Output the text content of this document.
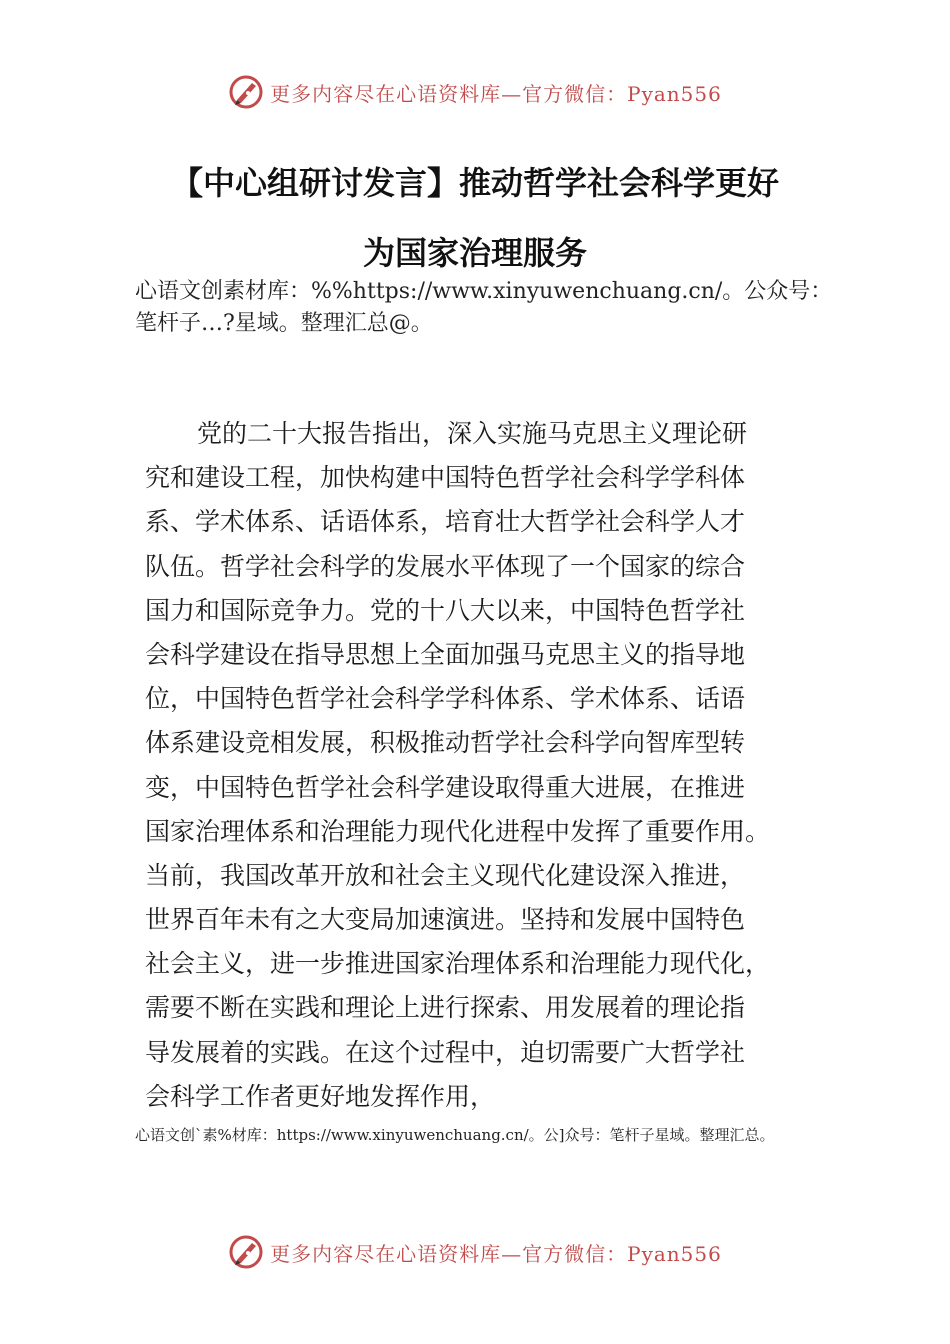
更多内容尽在心语资料库—官方微信：Pyan556
【中心组研讨发言】推动哲学社会科学更好
为国家治理服务

心语文创素材库：%%https://www.xinyuwenchuang.cn/。公众号：笔杆子…?星域。整理汇总@。

党的二十大报告指出，深入实施马克思主义理论研
究和建设工程，加快构建中国特色哲学社会科学学科体
系、学术体系、话语体系，培育壮大哲学社会科学人才
队伍。哲学社会科学的发展水平体现了一个国家的综合
国力和国际竞争力。党的十八大以来，中国特色哲学社
会科学建设在指导思想上全面加强马克思主义的指导地
位，中国特色哲学社会科学学科体系、学术体系、话语
体系建设竞相发展，积极推动哲学社会科学向智库型转
变，中国特色哲学社会科学建设取得重大进展，在推进
国家治理体系和治理能力现代化进程中发挥了重要作用。
当前，我国改革开放和社会主义现代化建设深入推进，
世界百年未有之大变局加速演进。坚持和发展中国特色
社会主义，进一步推进国家治理体系和治理能力现代化，
需要不断在实践和理论上进行探索、用发展着的理论指
导发展着的实践。在这个过程中，迫切需要广大哲学社
会科学工作者更好地发挥作用，

心语文创`素%材库：https://www.xinyuwenchuang.cn/。公]众号：笔杆子星域。整理汇总。

更多内容尽在心语资料库—官方微信：Pyan556
